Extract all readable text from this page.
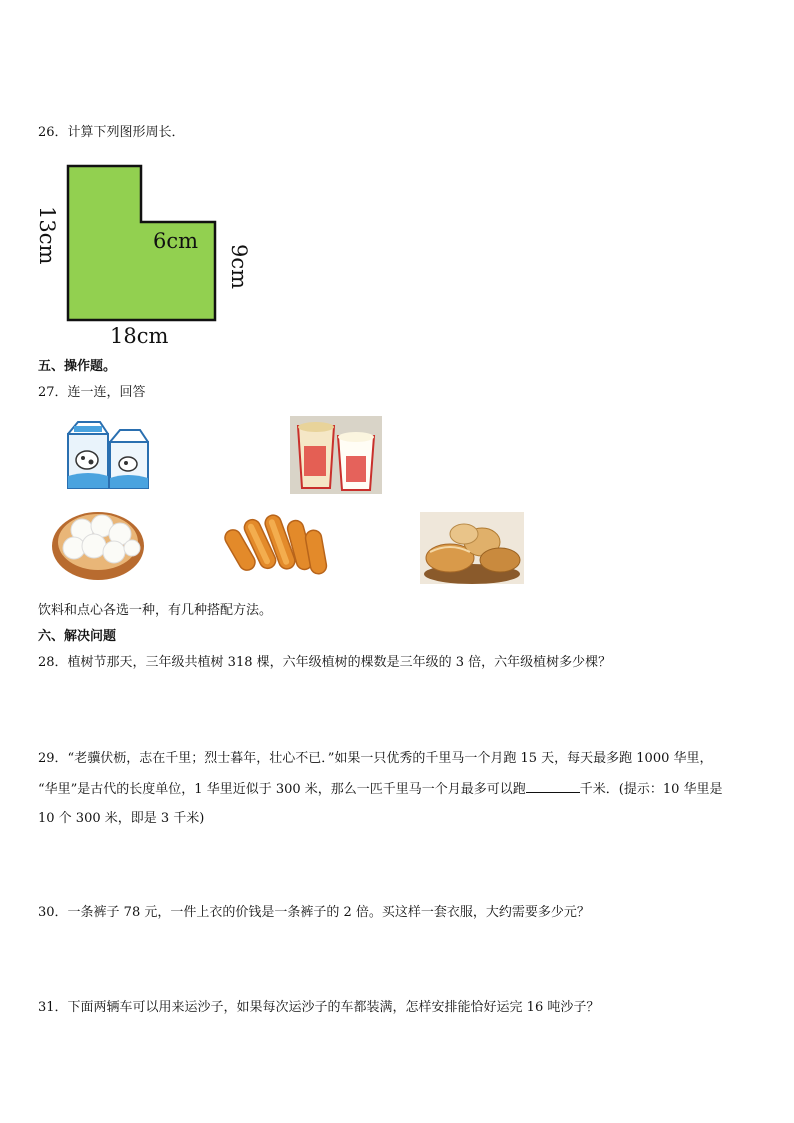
26．计算下列图形周长．
13cm	6cm
9cm
18cm
五、操作题。
27．连一连，回答
饮料和点心各选一种，有几种搭配方法。
六、解决问题
28．植树节那天，三年级共植树 318 棵，六年级植树的棵数是三年级的 3 倍，六年级植树多少棵？
29．“老骥伏枥，志在千里；烈士暮年，壮心不已．”如果一只优秀的千里马一个月跑 15 天，每天最多跑 1000 华里，
“华里”是古代的长度单位，1 华里近似于 300 米，那么一匹千里马一个月最多可以跑	千米．(提示：10 华里是
10 个 300 米，即是 3 千米)
30．一条裤子 78 元，一件上衣的价钱是一条裤子的 2 倍。买这样一套衣服，大约需要多少元？
31．下面两辆车可以用来运沙子，如果每次运沙子的车都装满，怎样安排能恰好运完 16 吨沙子？
